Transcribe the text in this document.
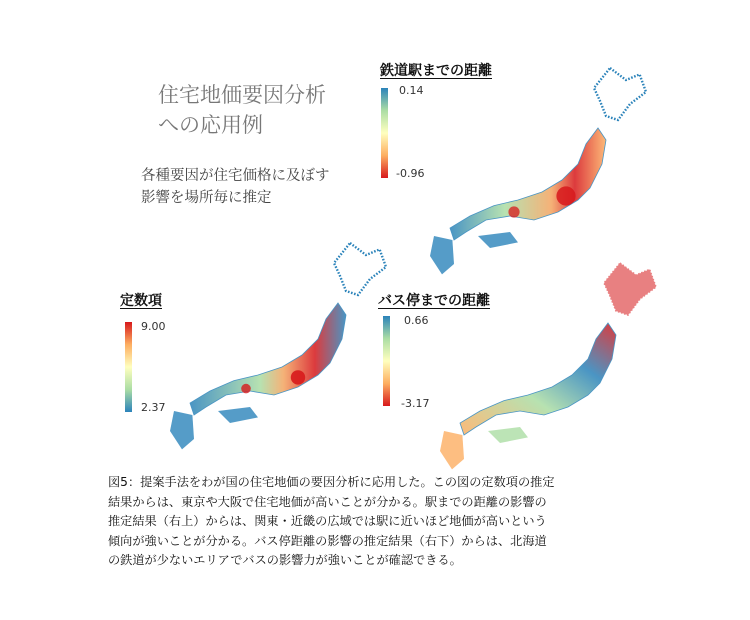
住宅地価要因分析
への応用例
各種要因が住宅価格に及ぼす
影響を場所毎に推定
鉄道駅までの距離
0.14
-0.96
定数項
9.00
2.37
バス停までの距離
0.66
-3.17
図5：提案手法をわが国の住宅地価の要因分析に応用した。この図の定数項の推定
結果からは、東京や大阪で住宅地価が高いことが分かる。駅までの距離の影響の
推定結果（右上）からは、関東・近畿の広域では駅に近いほど地価が高いという
傾向が強いことが分かる。バス停距離の影響の推定結果（右下）からは、北海道
の鉄道が少ないエリアでバスの影響力が強いことが確認できる。
